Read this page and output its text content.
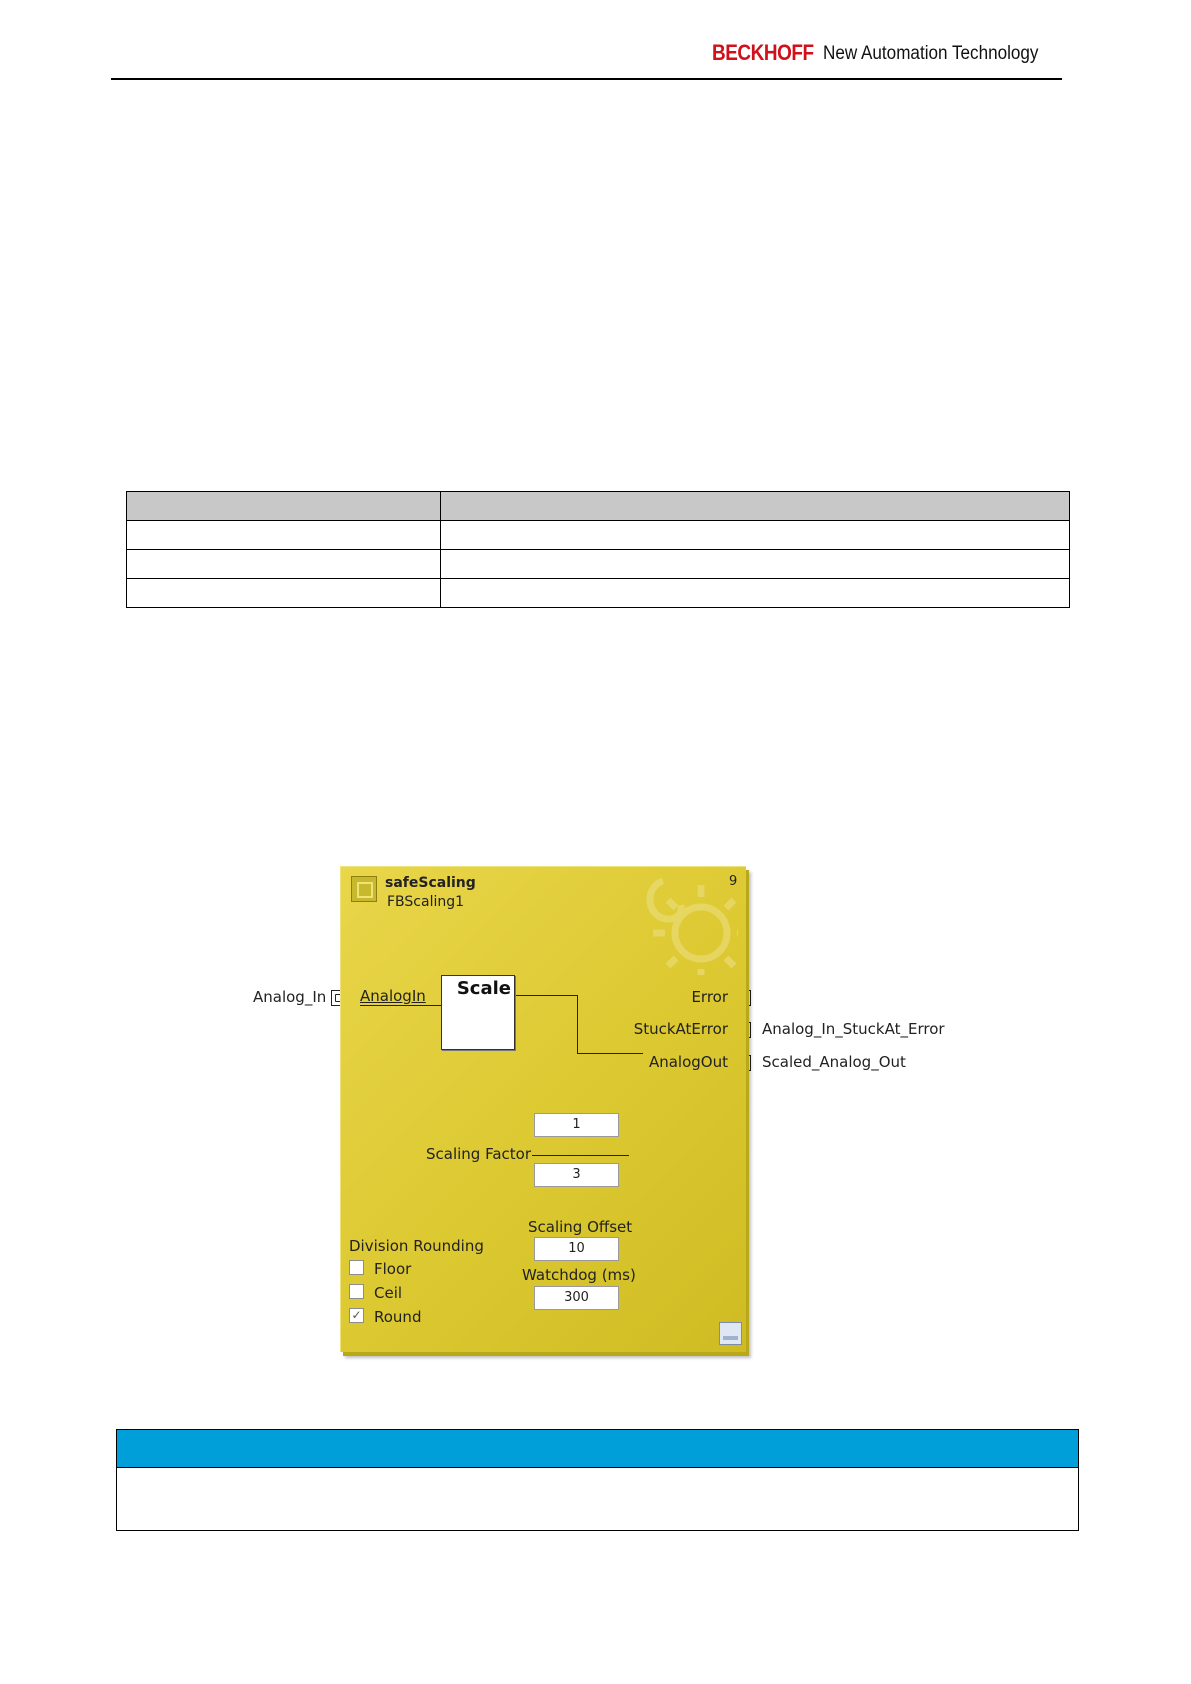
BECKHOFF New Automation Technology

Analog_In
Analog_In_StuckAt_Error
Scaled_Analog_Out
safeScaling
FBScaling1
9
AnalogIn Scale	Error
StuckAtError
AnalogOut
1
Scaling Factor
3
Scaling Offset
10
Watchdog (ms)
300
Division Rounding
Floor
Ceil
✓ Round
